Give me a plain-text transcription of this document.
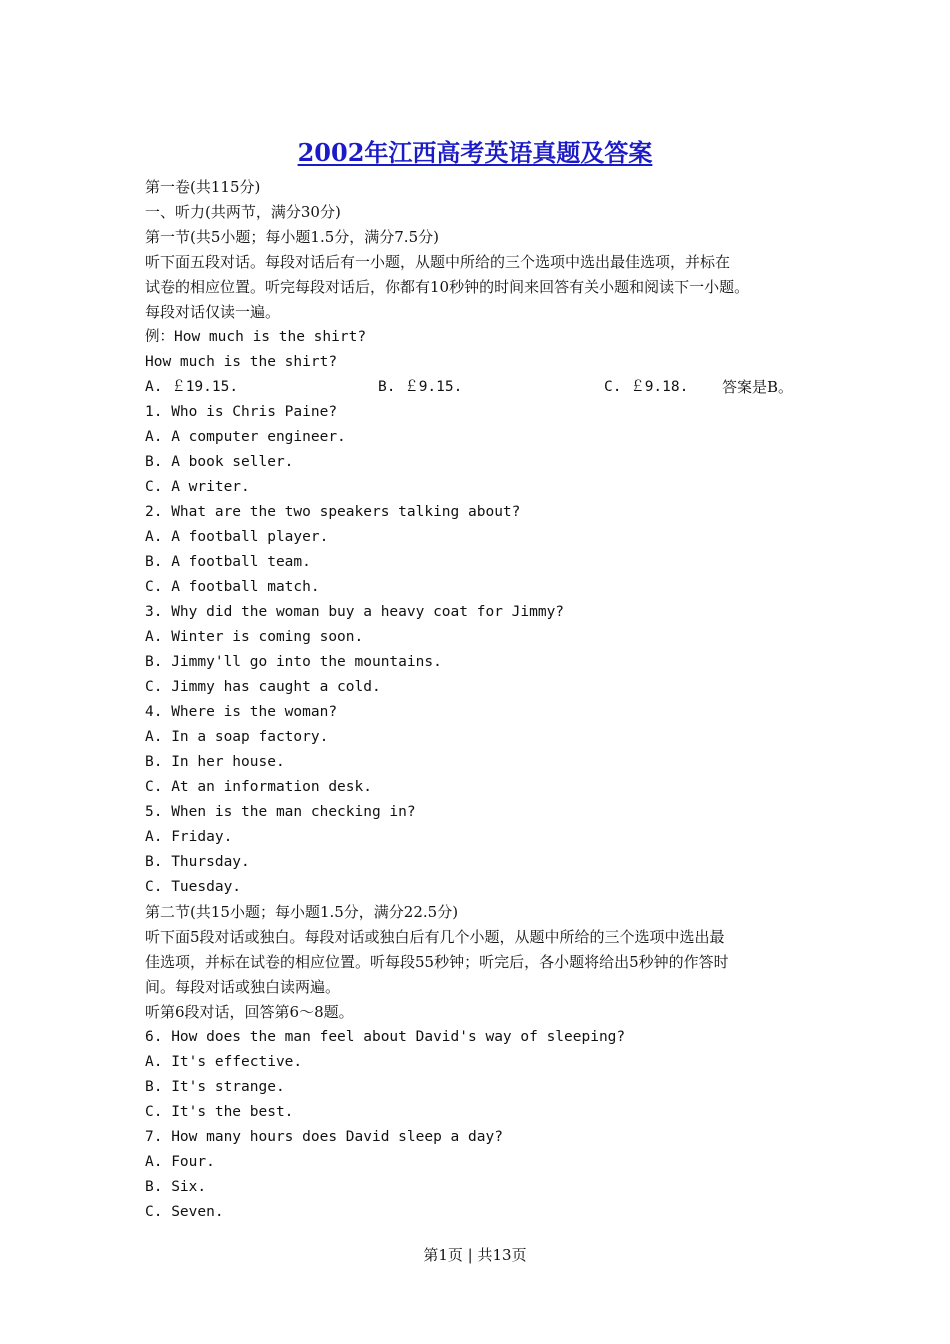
2002年江西高考英语真题及答案
第一卷(共115分)
一、听力(共两节，满分30分)
第一节(共5小题；每小题1.5分，满分7.5分)
听下面五段对话。每段对话后有一小题，从题中所给的三个选项中选出最佳选项，并标在
试卷的相应位置。听完每段对话后，你都有10秒钟的时间来回答有关小题和阅读下一小题。
每段对话仅读一遍。
例：How much is the shirt?
How much is the shirt?
A. ￡19.15.	B. ￡9.15.	C. ￡9.18.	答案是B。
1. Who is Chris Paine?
A. A computer engineer.
B. A book seller.
C. A writer.
2. What are the two speakers talking about?
A. A football player.
B. A football team.
C. A football match.
3. Why did the woman buy a heavy coat for Jimmy?
A. Winter is coming soon.
B. Jimmy'll go into the mountains.
C. Jimmy has caught a cold.
4. Where is the woman?
A. In a soap factory.
B. In her house.
C. At an information desk.
5. When is the man checking in?
A. Friday.
B. Thursday.
C. Tuesday.
第二节(共15小题；每小题1.5分，满分22.5分)
听下面5段对话或独白。每段对话或独白后有几个小题，从题中所给的三个选项中选出最
佳选项，并标在试卷的相应位置。听每段55秒钟；听完后，各小题将给出5秒钟的作答时
间。每段对话或独白读两遍。
听第6段对话，回答第6～8题。
6. How does the man feel about David's way of sleeping?
A. It's effective.
B. It's strange.
C. It's the best.
7. How many hours does David sleep a day?
A. Four.
B. Six.
C. Seven.
第1页 | 共13页
